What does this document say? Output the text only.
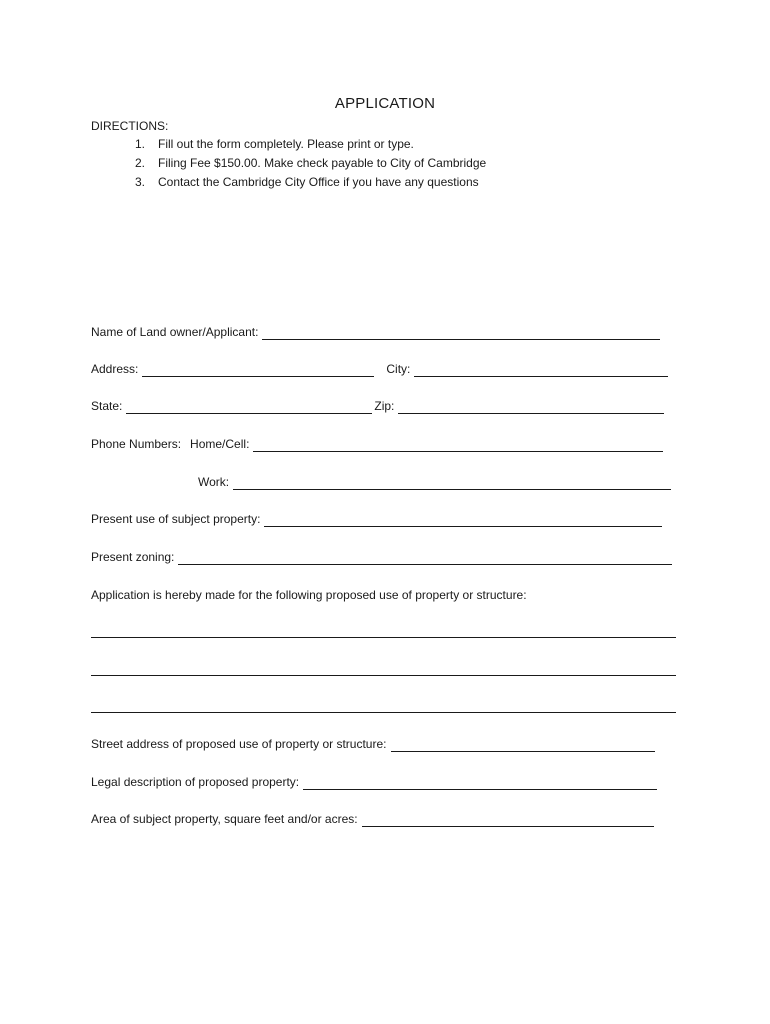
APPLICATION
DIRECTIONS:
1. Fill out the form completely. Please print or type.
2. Filing Fee $150.00. Make check payable to City of Cambridge
3. Contact the Cambridge City Office if you have any questions
Name of Land owner/Applicant:
Address:	City:
State:	Zip:
Phone Numbers: Home/Cell:
Work:
Present use of subject property:
Present zoning:
Application is hereby made for the following proposed use of property or structure:
Street address of proposed use of property or structure:
Legal description of proposed property:
Area of subject property, square feet and/or acres:
